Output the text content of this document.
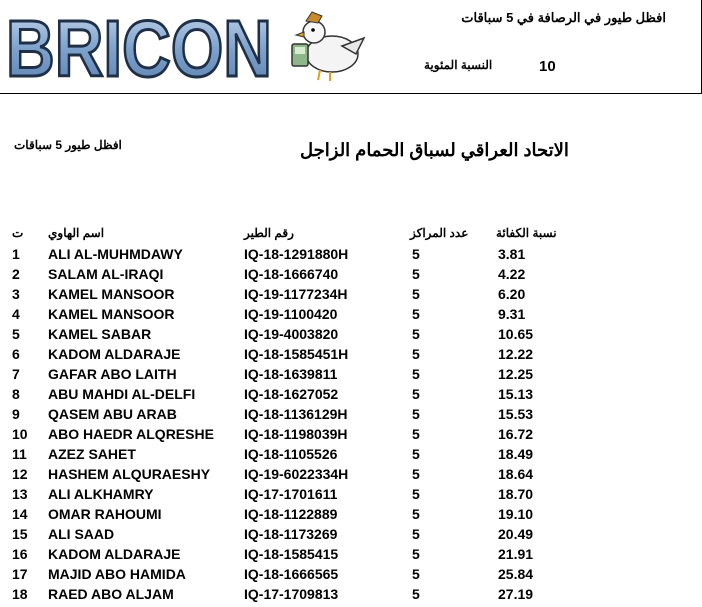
BRICON	افظل طيور في الرصافة في 5 سباقات
النسبة المئوية	10
الاتحاد العراقي لسباق الحمام الزاجل
افظل طيور 5 سباقات
ت اسم الهاوي	رقم الطير	عدد المراكز نسبة الكفائة
1 ALI AL-MUHMDAWY	IQ-18-1291880H	5	3.81
2 SALAM AL-IRAQI	IQ-18-1666740	5	4.22
3 KAMEL MANSOOR	IQ-19-1177234H	5	6.20
4 KAMEL MANSOOR	IQ-19-1100420	5	9.31
5 KAMEL SABAR	IQ-19-4003820	5	10.65
6 KADOM ALDARAJE	IQ-18-1585451H	5	12.22
7 GAFAR ABO LAITH	IQ-18-1639811	5	12.25
8 ABU MAHDI AL-DELFI	IQ-18-1627052	5	15.13
9 QASEM ABU ARAB	IQ-18-1136129H	5	15.53
10 ABO HAEDR ALQRESHE IQ-18-1198039H	5	16.72
11 AZEZ SAHET	IQ-18-1105526	5	18.49
12 HASHEM ALQURAESHY IQ-19-6022334H	5	18.64
13 ALI ALKHAMRY	IQ-17-1701611	5	18.70
14 OMAR RAHOUMI	IQ-18-1122889	5	19.10
15 ALI SAAD	IQ-18-1173269	5	20.49
16 KADOM ALDARAJE	IQ-18-1585415	5	21.91
17 MAJID ABO HAMIDA	IQ-18-1666565	5	25.84
18 RAED ABO ALJAM	IQ-17-1709813	5	27.19
